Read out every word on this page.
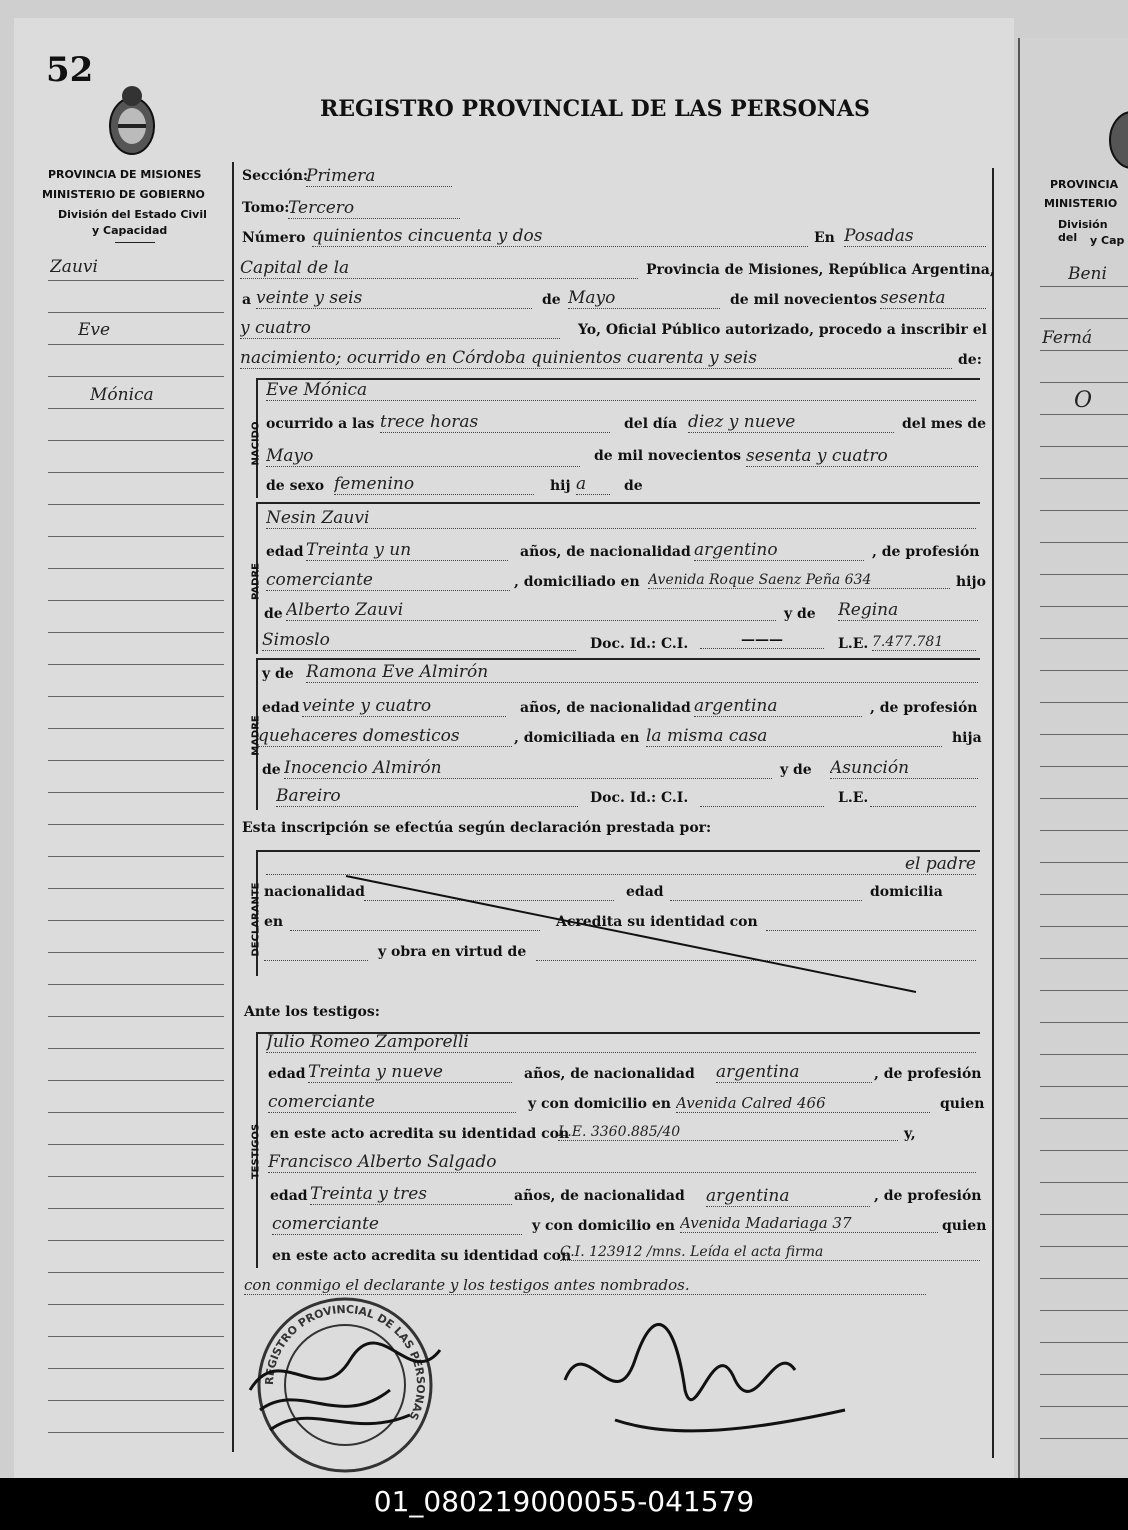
52
REGISTRO PROVINCIAL DE LAS PERSONAS
PROVINCIA DE MISIONES
MINISTERIO DE GOBIERNO
División del Estado Civil
y Capacidad
Zauvi
Eve
Mónica
PROVINCIA
MINISTERIO
División del	y Cap
Beni
Ferná
O
Sección:
Primera
Tomo:
Tercero
Número quinientos cincuenta y dos	En Posadas
Capital de la	Provincia de Misiones, República Argentina,
a veinte y seis	de Mayo	de mil novecientos sesenta
y cuatro	Yo, Oficial Público autorizado, procedo a inscribir el
nacimiento; ocurrido en Córdoba quinientos cuarenta y seis	de:
NACIDO
Eve Mónica
ocurrido a las trece horas	del día diez y nueve	del mes de
Mayo	de mil novecientos sesenta y cuatro
de sexo femenino	hij a	de
PADRE
Nesin Zauvi
edad Treinta y un	años, de nacionalidad argentino	, de profesión
comerciante	, domiciliado en Avenida Roque Saenz Peña 634	hijo
de Alberto Zauvi	y de Regina
Simoslo	Doc. Id.: C.I.	———	L.E. 7.477.781
MADRE
y de Ramona Eve Almirón
edad veinte y cuatro	años, de nacionalidad argentina	, de profesión
quehaceres domesticos	, domiciliada en la misma casa	hija
de Inocencio Almirón	y de Asunción
Bareiro	Doc. Id.: C.I.	L.E.
Esta inscripción se efectúa según declaración prestada por:
DECLARANTE
el padre
nacionalidad	edad	domicilia
en	Acredita su identidad con
y obra en virtud de
Ante los testigos:
TESTIGOS
Julio Romeo Zamporelli
edad Treinta y nueve	años, de nacionalidad argentina	, de profesión
comerciante	y con domicilio en Avenida Calred 466	quien
en este acto acredita su identidad con
L.E. 3360.885/40	y,
Francisco Alberto Salgado
edad Treinta y tres	años, de nacionalidad argentina	, de profesión
comerciante	y con domicilio en Avenida Madariaga 37	quien
en este acto acredita su identidad con
C.I. 123912 /mns. Leída el acta firma
con conmigo el declarante y los testigos antes nombrados.
REGISTRO PROVINCIAL DE LAS PERSONAS
01_080219000055-041579
